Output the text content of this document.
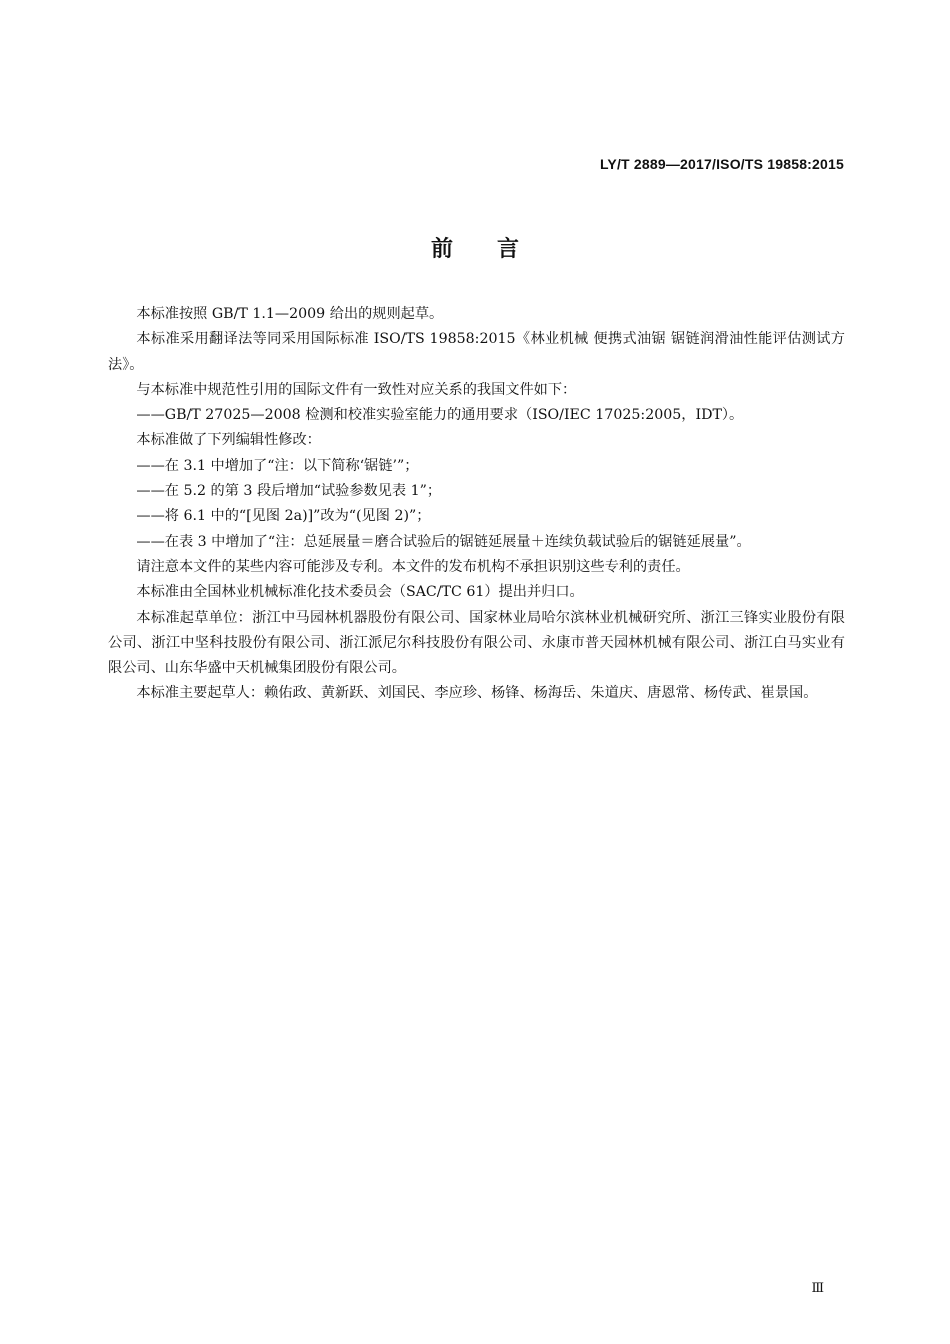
LY/T 2889—2017/ISO/TS 19858:2015
前言

本标准按照 GB/T 1.1—2009 给出的规则起草。

本标准采用翻译法等同采用国际标准 ISO/TS 19858:2015《林业机械 便携式油锯 锯链润滑油性能评估测试方法》。

与本标准中规范性引用的国际文件有一致性对应关系的我国文件如下：

——GB/T 27025—2008 检测和校准实验室能力的通用要求（ISO/IEC 17025:2005，IDT）。

本标准做了下列编辑性修改：

——在 3.1 中增加了“注：以下简称‘锯链’”；

——在 5.2 的第 3 段后增加“试验参数见表 1”；

——将 6.1 中的“[见图 2a)]”改为“(见图 2)”；

——在表 3 中增加了“注：总延展量＝磨合试验后的锯链延展量＋连续负载试验后的锯链延展量”。

请注意本文件的某些内容可能涉及专利。本文件的发布机构不承担识别这些专利的责任。

本标准由全国林业机械标准化技术委员会（SAC/TC 61）提出并归口。

本标准起草单位：浙江中马园林机器股份有限公司、国家林业局哈尔滨林业机械研究所、浙江三锋实业股份有限公司、浙江中坚科技股份有限公司、浙江派尼尔科技股份有限公司、永康市普天园林机械有限公司、浙江白马实业有限公司、山东华盛中天机械集团股份有限公司。

本标准主要起草人：赖佑政、黄新跃、刘国民、李应珍、杨锋、杨海岳、朱道庆、唐恩常、杨传武、崔景国。

Ⅲ
